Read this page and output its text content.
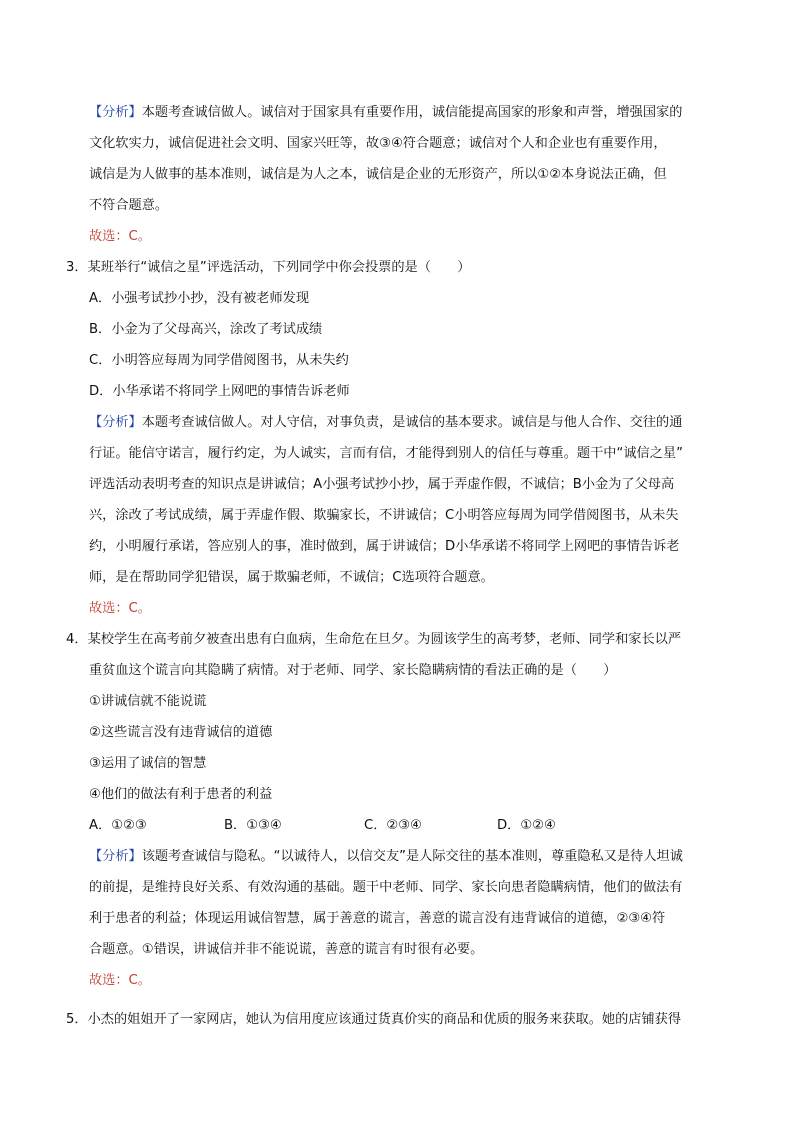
【分析】本题考查诚信做人。诚信对于国家具有重要作用，诚信能提高国家的形象和声誉，增强国家的
文化软实力，诚信促进社会文明、国家兴旺等，故③④符合题意；诚信对个人和企业也有重要作用，
诚信是为人做事的基本准则，诚信是为人之本，诚信是企业的无形资产，所以①②本身说法正确，但
不符合题意。
故选：C。
3．某班举行“诚信之星”评选活动，下列同学中你会投票的是（　　）
A．小强考试抄小抄，没有被老师发现
B．小金为了父母高兴，涂改了考试成绩
C．小明答应每周为同学借阅图书，从未失约
D．小华承诺不将同学上网吧的事情告诉老师
【分析】本题考查诚信做人。对人守信，对事负责，是诚信的基本要求。诚信是与他人合作、交往的通
行证。能信守诺言，履行约定，为人诚实，言而有信，才能得到别人的信任与尊重。题干中“诚信之星”
评选活动表明考查的知识点是讲诚信；A小强考试抄小抄，属于弄虚作假，不诚信；B小金为了父母高
兴，涂改了考试成绩，属于弄虚作假、欺骗家长，不讲诚信；C小明答应每周为同学借阅图书，从未失
约，小明履行承诺，答应别人的事，准时做到，属于讲诚信；D小华承诺不将同学上网吧的事情告诉老
师，是在帮助同学犯错误，属于欺骗老师，不诚信；C选项符合题意。
故选：C。
4．某校学生在高考前夕被查出患有白血病，生命危在旦夕。为圆该学生的高考梦，老师、同学和家长以严
重贫血这个谎言向其隐瞒了病情。对于老师、同学、家长隐瞒病情的看法正确的是（　　）
①讲诚信就不能说谎
②这些谎言没有违背诚信的道德
③运用了诚信的智慧
④他们的做法有利于患者的利益
A．①②③	B．①③④	C．②③④	D．①②④
【分析】该题考查诚信与隐私。“以诚待人，以信交友”是人际交往的基本准则，尊重隐私又是待人坦诚
的前提，是维持良好关系、有效沟通的基础。题干中老师、同学、家长向患者隐瞒病情，他们的做法有
利于患者的利益；体现运用诚信智慧，属于善意的谎言，善意的谎言没有违背诚信的道德，②③④符
合题意。①错误，讲诚信并非不能说谎，善意的谎言有时很有必要。
故选：C。
5．小杰的姐姐开了一家网店，她认为信用度应该通过货真价实的商品和优质的服务来获取。她的店铺获得
